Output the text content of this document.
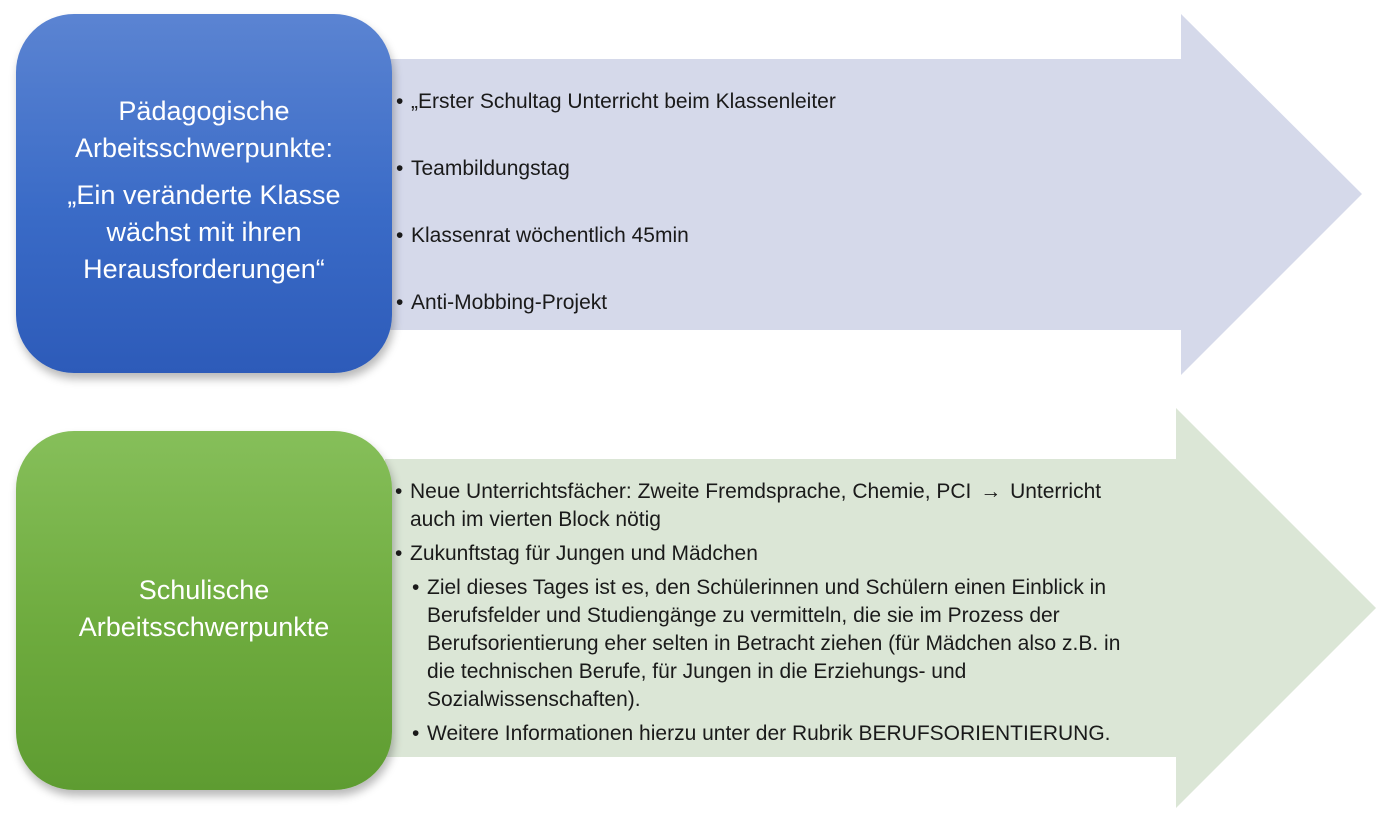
Pädagogische
Arbeitsschwerpunkte:
„Ein veränderte Klasse
wächst mit ihren
Herausforderungen“
• „Erster Schultag Unterricht beim Klassenleiter
• Teambildungstag
• Klassenrat wöchentlich 45min
• Anti-Mobbing-Projekt
Schulische
Arbeitsschwerpunkte
• Neue Unterrichtsfächer: Zweite Fremdsprache, Chemie, PCI → Unterricht
auch im vierten Block nötig
• Zukunftstag für Jungen und Mädchen
• Ziel dieses Tages ist es, den Schülerinnen und Schülern einen Einblick in
Berufsfelder und Studiengänge zu vermitteln, die sie im Prozess der
Berufsorientierung eher selten in Betracht ziehen (für Mädchen also z.B. in
die technischen Berufe, für Jungen in die Erziehungs- und
Sozialwissenschaften).
• Weitere Informationen hierzu unter der Rubrik BERUFSORIENTIERUNG.
